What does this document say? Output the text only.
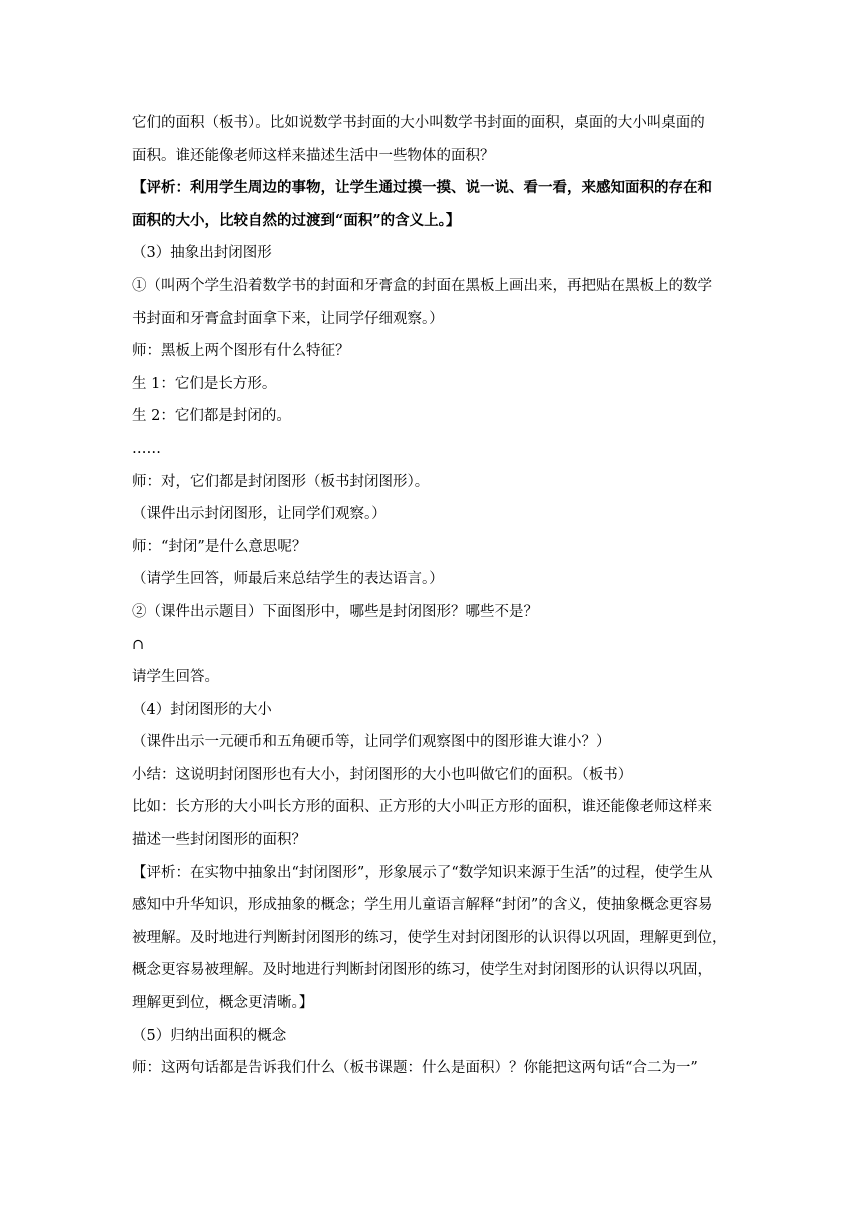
它们的面积（板书）。比如说数学书封面的大小叫数学书封面的面积，桌面的大小叫桌面的

面积。谁还能像老师这样来描述生活中一些物体的面积？

【评析：利用学生周边的事物，让学生通过摸一摸、说一说、看一看，来感知面积的存在和

面积的大小，比较自然的过渡到“面积”的含义上。】

（3）抽象出封闭图形

①（叫两个学生沿着数学书的封面和牙膏盒的封面在黑板上画出来，再把贴在黑板上的数学

书封面和牙膏盒封面拿下来，让同学仔细观察。）

师：黑板上两个图形有什么特征？

生 1：它们是长方形。

生 2：它们都是封闭的。

……

师：对，它们都是封闭图形（板书封闭图形）。

（课件出示封闭图形，让同学们观察。）

师：“封闭”是什么意思呢？

（请学生回答，师最后来总结学生的表达语言。）

②（课件出示题目）下面图形中，哪些是封闭图形？哪些不是？

∩

请学生回答。

（4）封闭图形的大小

（课件出示一元硬币和五角硬币等，让同学们观察图中的图形谁大谁小？）

小结：这说明封闭图形也有大小，封闭图形的大小也叫做它们的面积。（板书）

比如：长方形的大小叫长方形的面积、正方形的大小叫正方形的面积，谁还能像老师这样来

描述一些封闭图形的面积？

【评析：在实物中抽象出“封闭图形”，形象展示了“数学知识来源于生活”的过程，使学生从

感知中升华知识，形成抽象的概念；学生用儿童语言解释“封闭”的含义，使抽象概念更容易

被理解。及时地进行判断封闭图形的练习，使学生对封闭图形的认识得以巩固，理解更到位，

概念更容易被理解。及时地进行判断封闭图形的练习，使学生对封闭图形的认识得以巩固，

理解更到位，概念更清晰。】

（5）归纳出面积的概念

师：这两句话都是告诉我们什么（板书课题：什么是面积）？你能把这两句话“合二为一”
